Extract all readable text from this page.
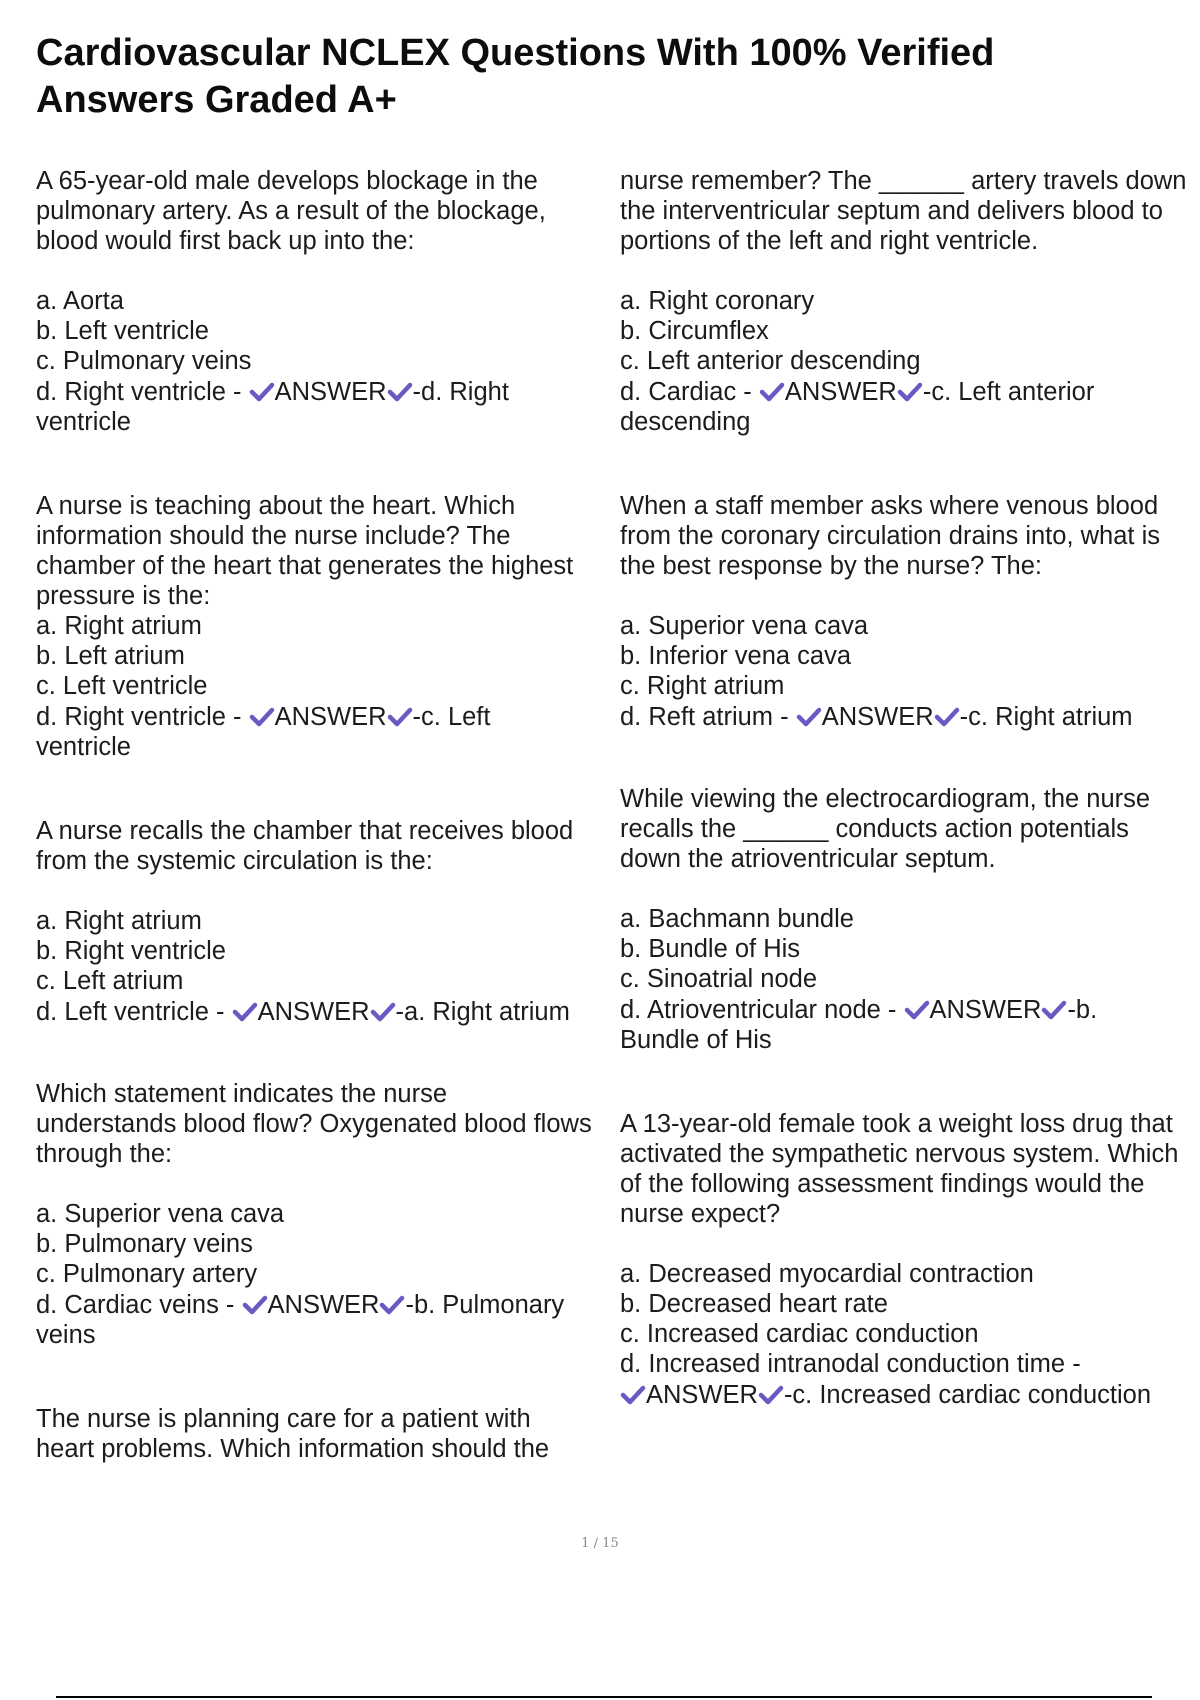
Cardiovascular NCLEX Questions With 100% Verified
Answers Graded A+
A 65-year-old male develops blockage in the
pulmonary artery. As a result of the blockage,
blood would first back up into the:
a. Aorta
b. Left ventricle
c. Pulmonary veins
d. Right ventricle - ANSWER -d. Right
ventricle
A nurse is teaching about the heart. Which
information should the nurse include? The
chamber of the heart that generates the highest
pressure is the:
a. Right atrium
b. Left atrium
c. Left ventricle
d. Right ventricle - ANSWER -c. Left
ventricle
A nurse recalls the chamber that receives blood
from the systemic circulation is the:
a. Right atrium
b. Right ventricle
c. Left atrium
d. Left ventricle - ANSWER -a. Right atrium
Which statement indicates the nurse
understands blood flow? Oxygenated blood flows
through the:
a. Superior vena cava
b. Pulmonary veins
c. Pulmonary artery
d. Cardiac veins - ANSWER -b. Pulmonary
veins
The nurse is planning care for a patient with
heart problems. Which information should the
nurse remember? The ______ artery travels down
the interventricular septum and delivers blood to
portions of the left and right ventricle.
a. Right coronary
b. Circumflex
c. Left anterior descending
d. Cardiac - ANSWER -c. Left anterior
descending
When a staff member asks where venous blood
from the coronary circulation drains into, what is
the best response by the nurse? The:
a. Superior vena cava
b. Inferior vena cava
c. Right atrium
d. Reft atrium - ANSWER -c. Right atrium
While viewing the electrocardiogram, the nurse
recalls the ______ conducts action potentials
down the atrioventricular septum.
a. Bachmann bundle
b. Bundle of His
c. Sinoatrial node
d. Atrioventricular node - ANSWER -b.
Bundle of His
A 13-year-old female took a weight loss drug that
activated the sympathetic nervous system. Which
of the following assessment findings would the
nurse expect?
a. Decreased myocardial contraction
b. Decreased heart rate
c. Increased cardiac conduction
d. Increased intranodal conduction time -
ANSWER -c. Increased cardiac conduction
1 / 15
